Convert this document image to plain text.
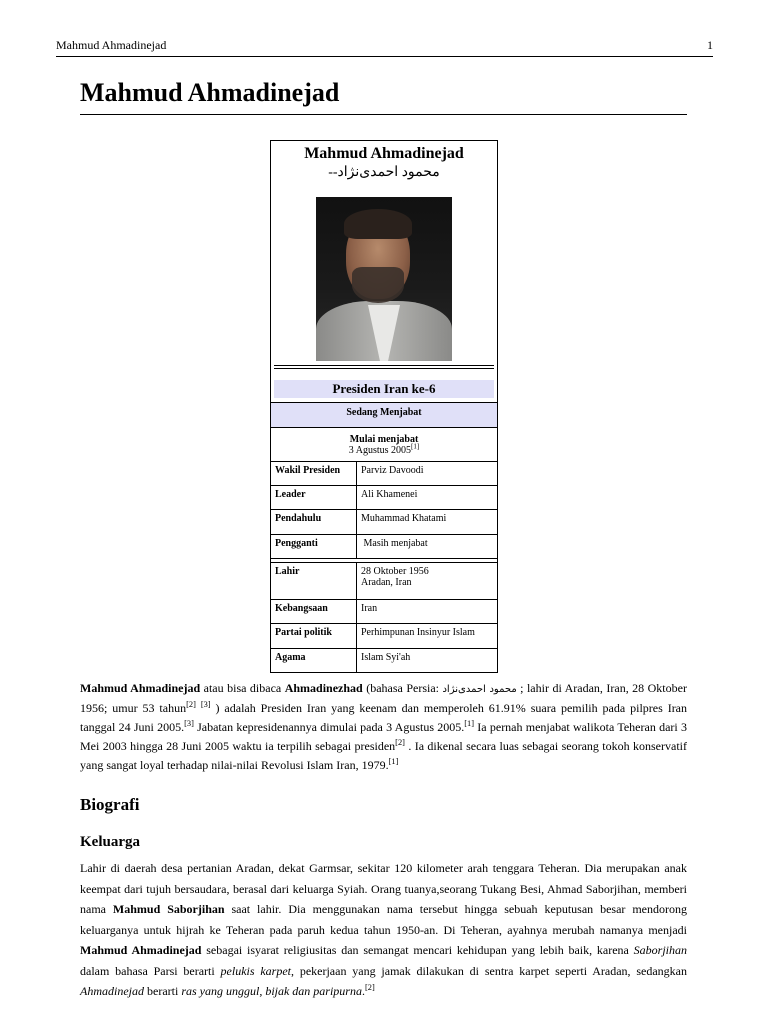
Mahmud Ahmadinejad	1
Mahmud Ahmadinejad
Mahmud Ahmadinejad
محمود احمدی‌نژاد--
Presiden Iran ke-6
Sedang Menjabat
Mulai menjabat
3 Agustus 2005[1]
Wakil Presiden	Parviz Davoodi
Leader	Ali Khamenei
Pendahulu	Muhammad Khatami
Pengganti	Masih menjabat
Lahir	28 Oktober 1956
Aradan, Iran
Kebangsaan	Iran
Partai politik	Perhimpunan Insinyur Islam
Agama	Islam Syi'ah

Mahmud Ahmadinejad atau bisa dibaca Ahmadinezhad (bahasa Persia: محمود احمدی‌نژاد ; lahir di Aradan, Iran, 28 Oktober 1956; umur 53 tahun[2] [3] ) adalah Presiden Iran yang keenam dan memperoleh 61.91% suara pemilih pada pilpres Iran tanggal 24 Juni 2005.[3] Jabatan kepresidenannya dimulai pada 3 Agustus 2005.[1] Ia pernah menjabat walikota Teheran dari 3 Mei 2003 hingga 28 Juni 2005 waktu ia terpilih sebagai presiden[2] . Ia dikenal secara luas sebagai seorang tokoh konservatif yang sangat loyal terhadap nilai-nilai Revolusi Islam Iran, 1979.[1]

Biografi
Keluarga

Lahir di daerah desa pertanian Aradan, dekat Garmsar, sekitar 120 kilometer arah tenggara Teheran. Dia merupakan anak keempat dari tujuh bersaudara, berasal dari keluarga Syiah. Orang tuanya,seorang Tukang Besi, Ahmad Saborjihan, memberi nama Mahmud Saborjihan saat lahir. Dia menggunakan nama tersebut hingga sebuah keputusan besar mendorong keluarganya untuk hijrah ke Teheran pada paruh kedua tahun 1950-an. Di Teheran, ayahnya merubah namanya menjadi Mahmud Ahmadinejad sebagai isyarat religiusitas dan semangat mencari kehidupan yang lebih baik, karena Saborjihan dalam bahasa Parsi berarti pelukis karpet, pekerjaan yang jamak dilakukan di sentra karpet seperti Aradan, sedangkan Ahmadinejad berarti ras yang unggul, bijak dan paripurna.[2]
